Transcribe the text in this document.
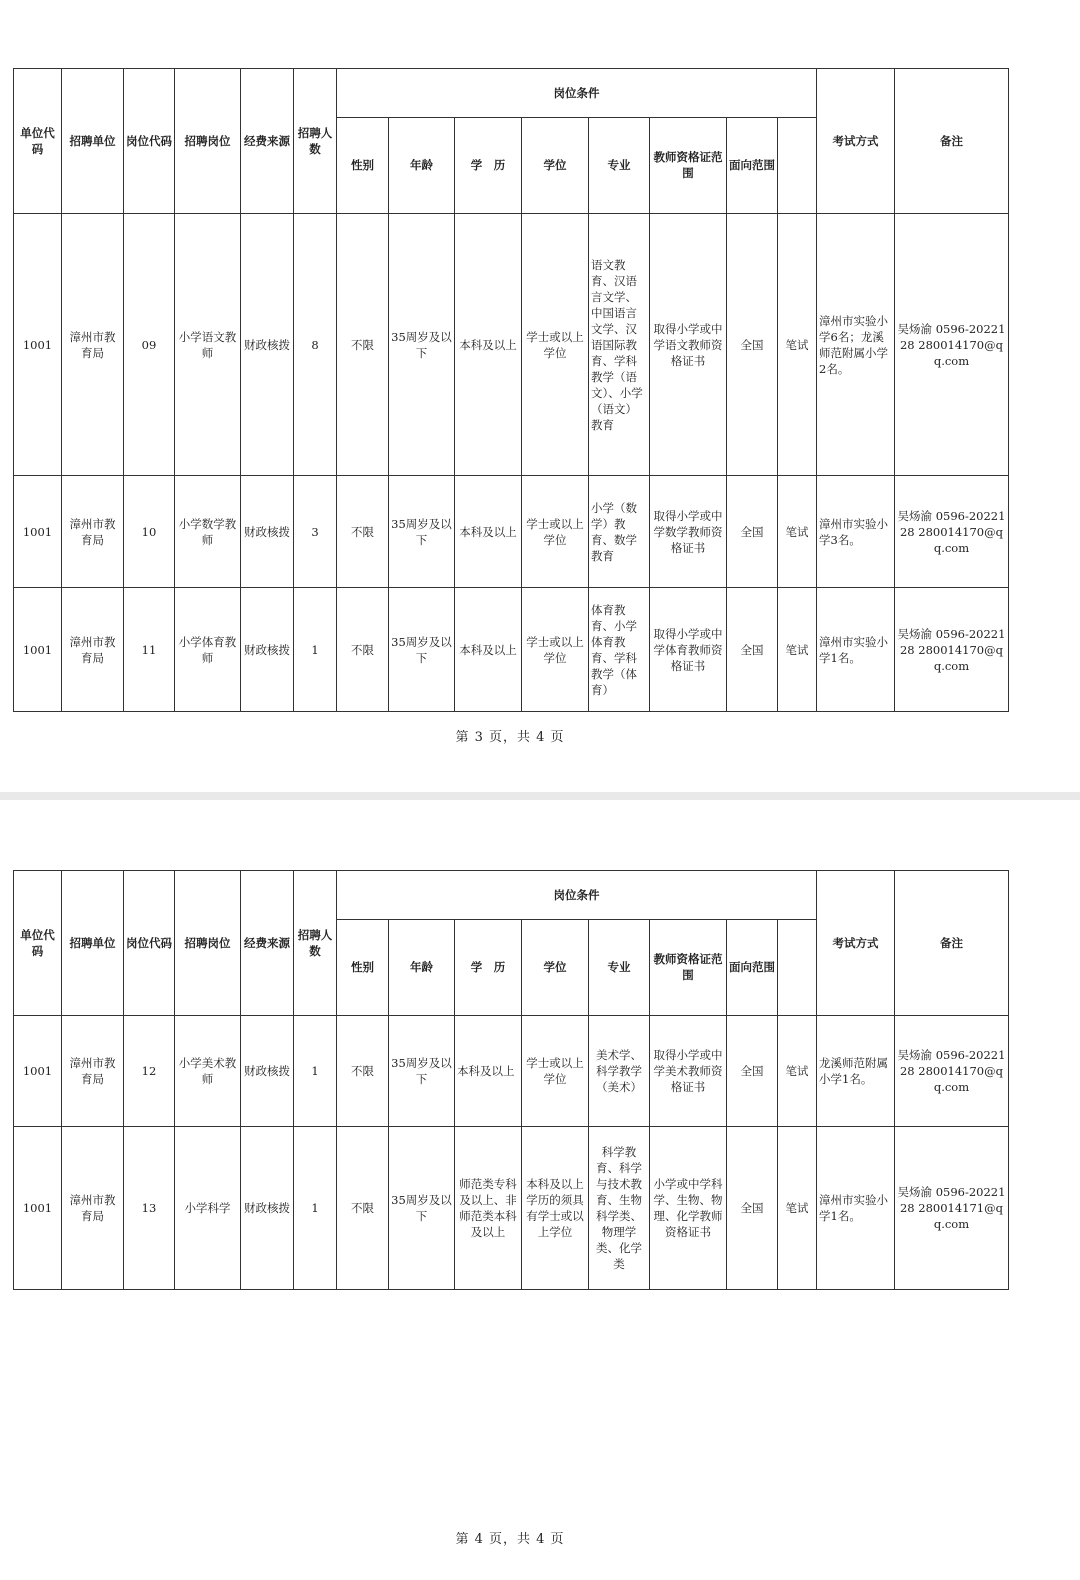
单位代码	招聘单位	岗位代码	招聘岗位	经费来源	招聘人数	岗位条件								考试方式	备注	
						性别	年龄	学　历	学位	专业	教师资格证范围	面向范围				
1001	漳州市教育局	09	小学语文教师	财政核拨	8	不限	35周岁及以下	本科及以上	学士或以上学位	语文教育、汉语言文学、中国语言文学、汉语国际教育、学科教学（语文）、小学（语文）教育	取得小学或中学语文教师资格证书	全国	笔试	漳州市实验小学6名；龙溪师范附属小学2名。	吴炀渝 0596-2022128 280014170@qq.com	
1001	漳州市教育局	10	小学数学教师	财政核拨	3	不限	35周岁及以下	本科及以上	学士或以上学位	小学（数学）教育、数学教育	取得小学或中学数学教师资格证书	全国	笔试	漳州市实验小学3名。	吴炀渝 0596-2022128 280014170@qq.com	
1001	漳州市教育局	11	小学体育教师	财政核拨	1	不限	35周岁及以下	本科及以上	学士或以上学位	体育教育、小学体育教育、学科教学（体育）	取得小学或中学体育教师资格证书	全国	笔试	漳州市实验小学1名。	吴炀渝 0596-2022128 280014170@qq.com	
第 3 页，共 4 页
单位代码	招聘单位	岗位代码	招聘岗位	经费来源	招聘人数	岗位条件								考试方式	备注	
						性别	年龄	学　历	学位	专业	教师资格证范围	面向范围				
1001	漳州市教育局	12	小学美术教师	财政核拨	1	不限	35周岁及以下	本科及以上	学士或以上学位	美术学、科学教学（美术）	取得小学或中学美术教师资格证书	全国	笔试	龙溪师范附属小学1名。	吴炀渝 0596-2022128 280014170@qq.com	
1001	漳州市教育局	13	小学科学	财政核拨	1	不限	35周岁及以下	师范类专科及以上、非师范类本科及以上	本科及以上学历的须具有学士或以上学位	科学教育、科学与技术教育、生物科学类、物理学类、化学类	小学或中学科学、生物、物理、化学教师资格证书	全国	笔试	漳州市实验小学1名。	吴炀渝 0596-2022128 280014171@qq.com	
第 4 页，共 4 页
